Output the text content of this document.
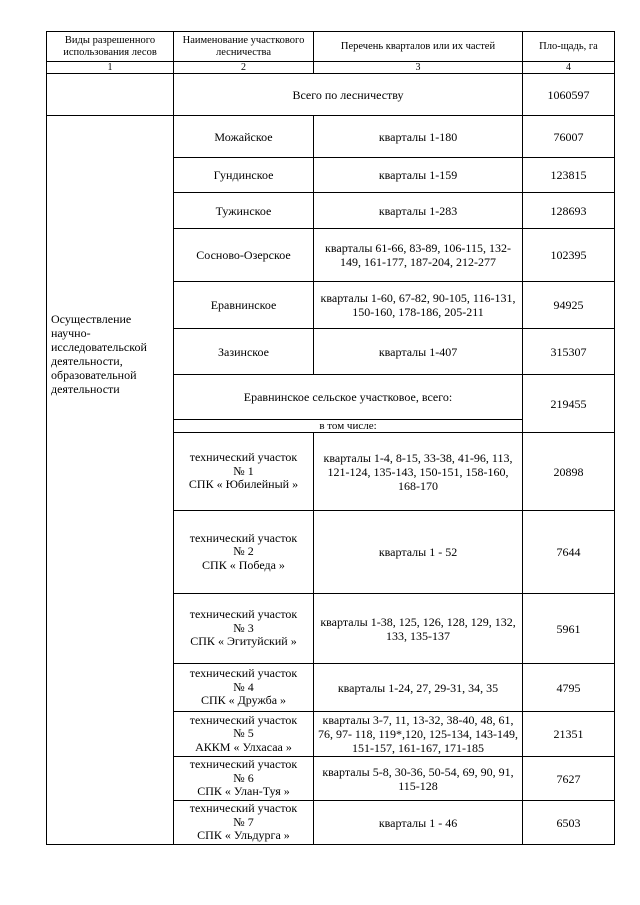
Виды разрешенного использования лесов	Наименование участкового лесничества	Перечень кварталов или их частей	Пло-щадь, га
1	2	3	4
	Всего по лесничеству		1060597
Осуществление научно-исследовательской деятельности, образовательной деятельности	Можайское	кварталы 1-180	76007
	Гундинское	кварталы 1-159	123815
	Тужинское	кварталы 1-283	128693
	Сосново-Озерское	кварталы 61-66, 83-89, 106-115, 132-149, 161-177, 187-204, 212-277	102395
	Еравнинское	кварталы 1-60, 67-82, 90-105, 116-131, 150-160, 178-186, 205-211	94925
	Зазинское	кварталы 1-407	315307
	Еравнинское сельское участковое, всего:		219455
	в том числе:		

	технический участок
№ 1
СПК « Юбилейный »	кварталы 1-4, 8-15, 33-38, 41-96, 113, 121-124, 135-143, 150-151, 158-160, 168-170	20898

	технический участок
№ 2
СПК « Победа »	кварталы 1 - 52	7644

	технический участок
№ 3
СПК « Эгитуйский »	кварталы 1-38, 125, 126, 128, 129, 132, 133, 135-137	5961

	технический участок
№ 4
СПК « Дружба »	кварталы 1-24, 27, 29-31, 34, 35	4795

	технический участок
№ 5
АККМ « Улхасаа »	кварталы 3-7, 11, 13-32, 38-40, 48, 61, 76, 97- 118, 119*,120, 125-134, 143-149, 151-157, 161-167, 171-185	21351

	технический участок
№ 6
СПК « Улан-Туя »	кварталы 5-8, 30-36, 50-54, 69, 90, 91, 115-128	7627

	технический участок
№ 7
СПК « Ульдурга »	кварталы 1 - 46	6503
